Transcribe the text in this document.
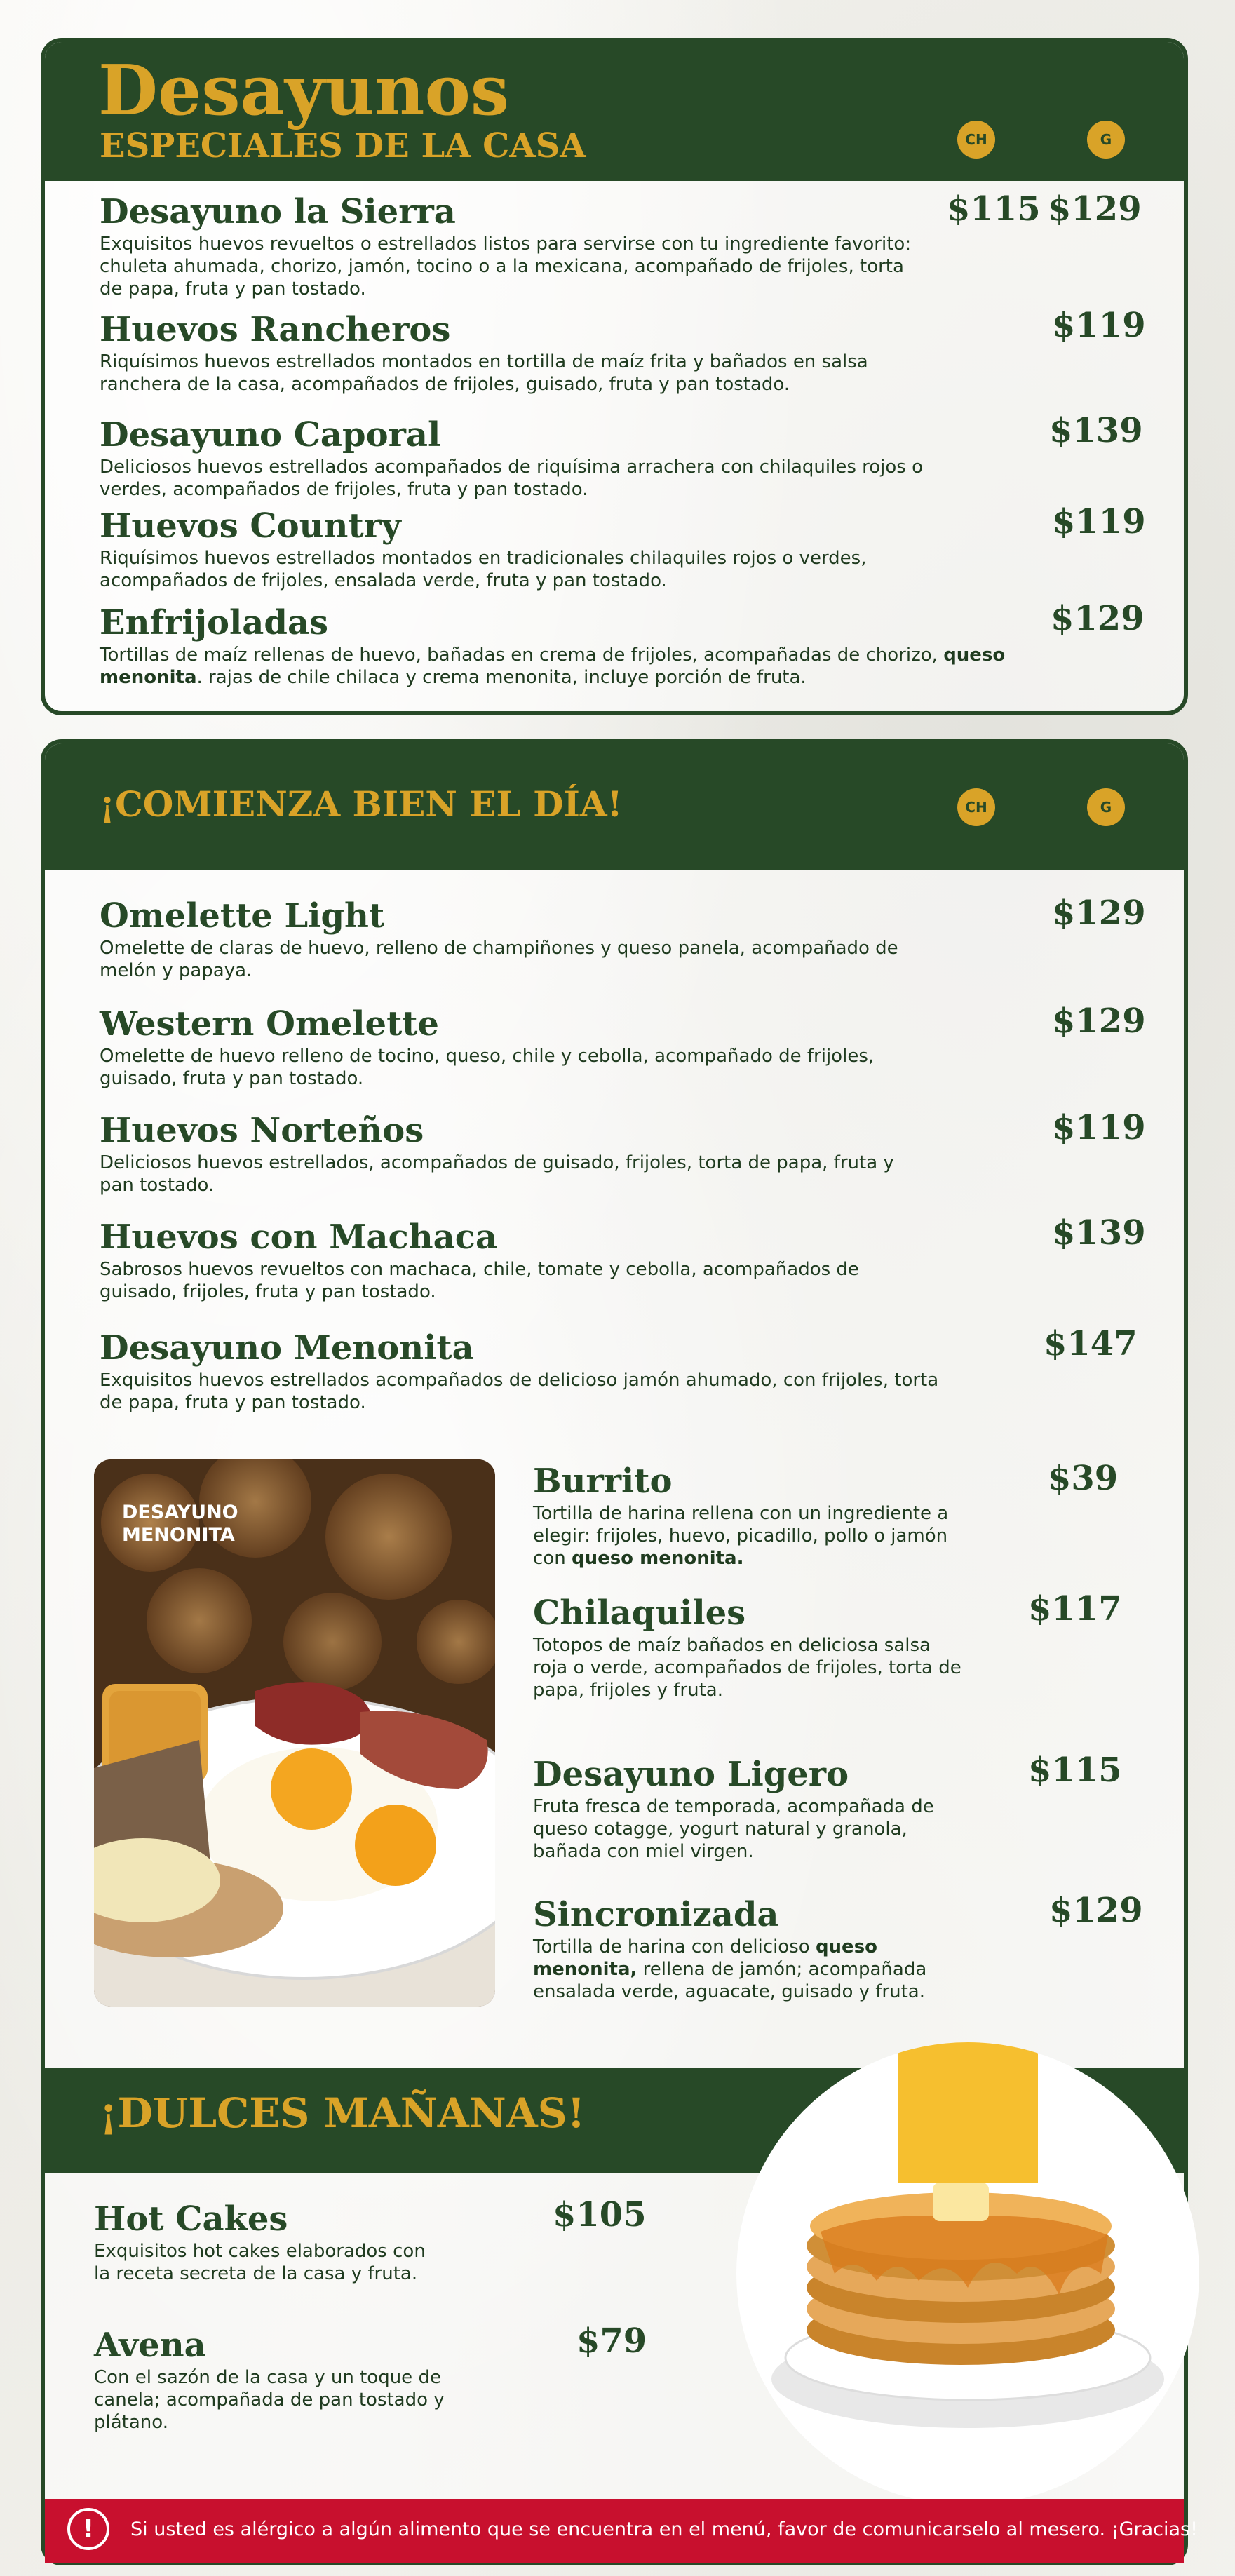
Desayunos
ESPECIALES DE LA CASA	CH	G
Desayuno la Sierra
Exquisitos huevos revueltos o estrellados listos para servirse con tu ingrediente favorito: chuleta ahumada, chorizo, jamón, tocino o a la mexicana, acompañado de frijoles, torta de papa, fruta y pan tostado.
$115 $129
Huevos Rancheros
Riquísimos huevos estrellados montados en tortilla de maíz frita y bañados en salsa ranchera de la casa, acompañados de frijoles, guisado, fruta y pan tostado.
$119
Desayuno Caporal
Deliciosos huevos estrellados acompañados de riquísima arrachera con chilaquiles rojos o verdes, acompañados de frijoles, fruta y pan tostado.
$139
Huevos Country
Riquísimos huevos estrellados montados en tradicionales chilaquiles rojos o verdes, acompañados de frijoles, ensalada verde, fruta y pan tostado.
$119
Enfrijoladas
Tortillas de maíz rellenas de huevo, bañadas en crema de frijoles, acompañadas de chorizo, queso menonita. rajas de chile chilaca y crema menonita, incluye porción de fruta.
$129
¡COMIENZA BIEN EL DÍA!	CH	G
Omelette Light
Omelette de claras de huevo, relleno de champiñones y queso panela, acompañado de melón y papaya.
$129
Western Omelette
Omelette de huevo relleno de tocino, queso, chile y cebolla, acompañado de frijoles, guisado, fruta y pan tostado.
$129
Huevos Norteños
Deliciosos huevos estrellados, acompañados de guisado, frijoles, torta de papa, fruta y pan tostado.
$119
Huevos con Machaca
Sabrosos huevos revueltos con machaca, chile, tomate y cebolla, acompañados de guisado, frijoles, fruta y pan tostado.
$139
Desayuno Menonita
Exquisitos huevos estrellados acompañados de delicioso jamón ahumado, con frijoles, torta de papa, fruta y pan tostado.
$147
DESAYUNO
MENONITA
Burrito
Tortilla de harina rellena con un ingrediente a elegir: frijoles, huevo, picadillo, pollo o jamón con queso menonita.
$39
Chilaquiles
Totopos de maíz bañados en deliciosa salsa roja o verde, acompañados de frijoles, torta de papa, frijoles y fruta.
$117
Desayuno Ligero
Fruta fresca de temporada, acompañada de queso cotagge, yogurt natural y granola, bañada con miel virgen.
$115
Sincronizada
Tortilla de harina con delicioso queso menonita, rellena de jamón; acompañada ensalada verde, aguacate, guisado y fruta.
$129
¡DULCES MAÑANAS!
Hot Cakes
Exquisitos hot cakes elaborados con la receta secreta de la casa y fruta.
$105
Avena
Con el sazón de la casa y un toque de canela; acompañada de pan tostado y plátano.
$79
!	Si usted es alérgico a algún alimento que se encuentra en el menú, favor de comunicarselo al mesero. ¡Gracias!
